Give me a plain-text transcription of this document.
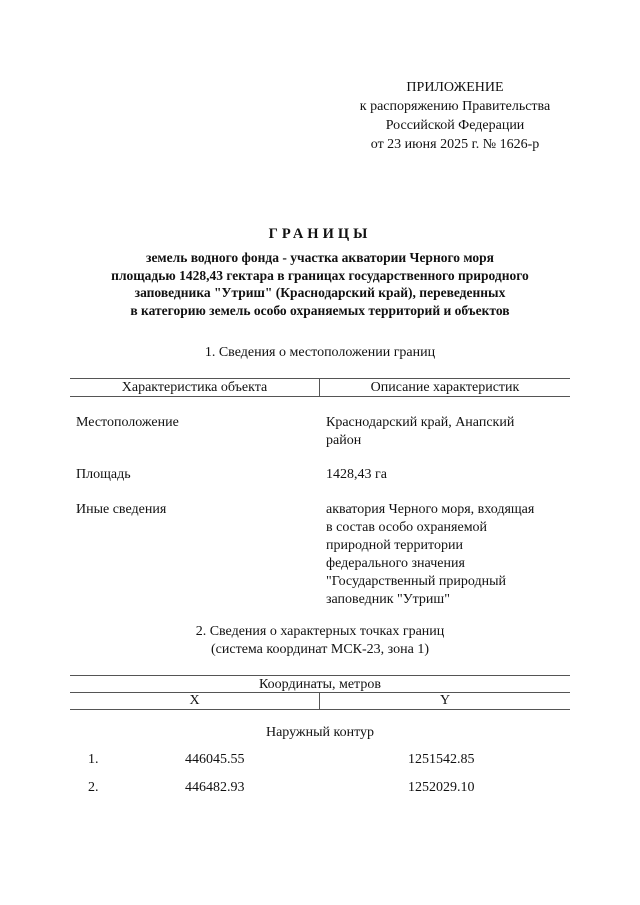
ПРИЛОЖЕНИЕ
к распоряжению Правительства
Российской Федерации
от 23 июня 2025 г. № 1626-р
ГРАНИЦЫ
земель водного фонда - участка акватории Черного моря
площадью 1428,43 гектара в границах государственного природного
заповедника "Утриш" (Краснодарский край), переведенных
в категорию земель особо охраняемых территорий и объектов
1. Сведения о местоположении границ
Характеристика объекта	Описание характеристик
Местоположение	Краснодарский край, Анапский
район
Площадь	1428,43 га
Иные сведения	акватория Черного моря, входящая
в состав особо охраняемой
природной территории
федерального значения
"Государственный природный
заповедник "Утриш"
2. Сведения о характерных точках границ
(система координат МСК-23, зона 1)
Координаты, метров
X	Y
Наружный контур
1.	446045.55	1251542.85
2.	446482.93	1252029.10
